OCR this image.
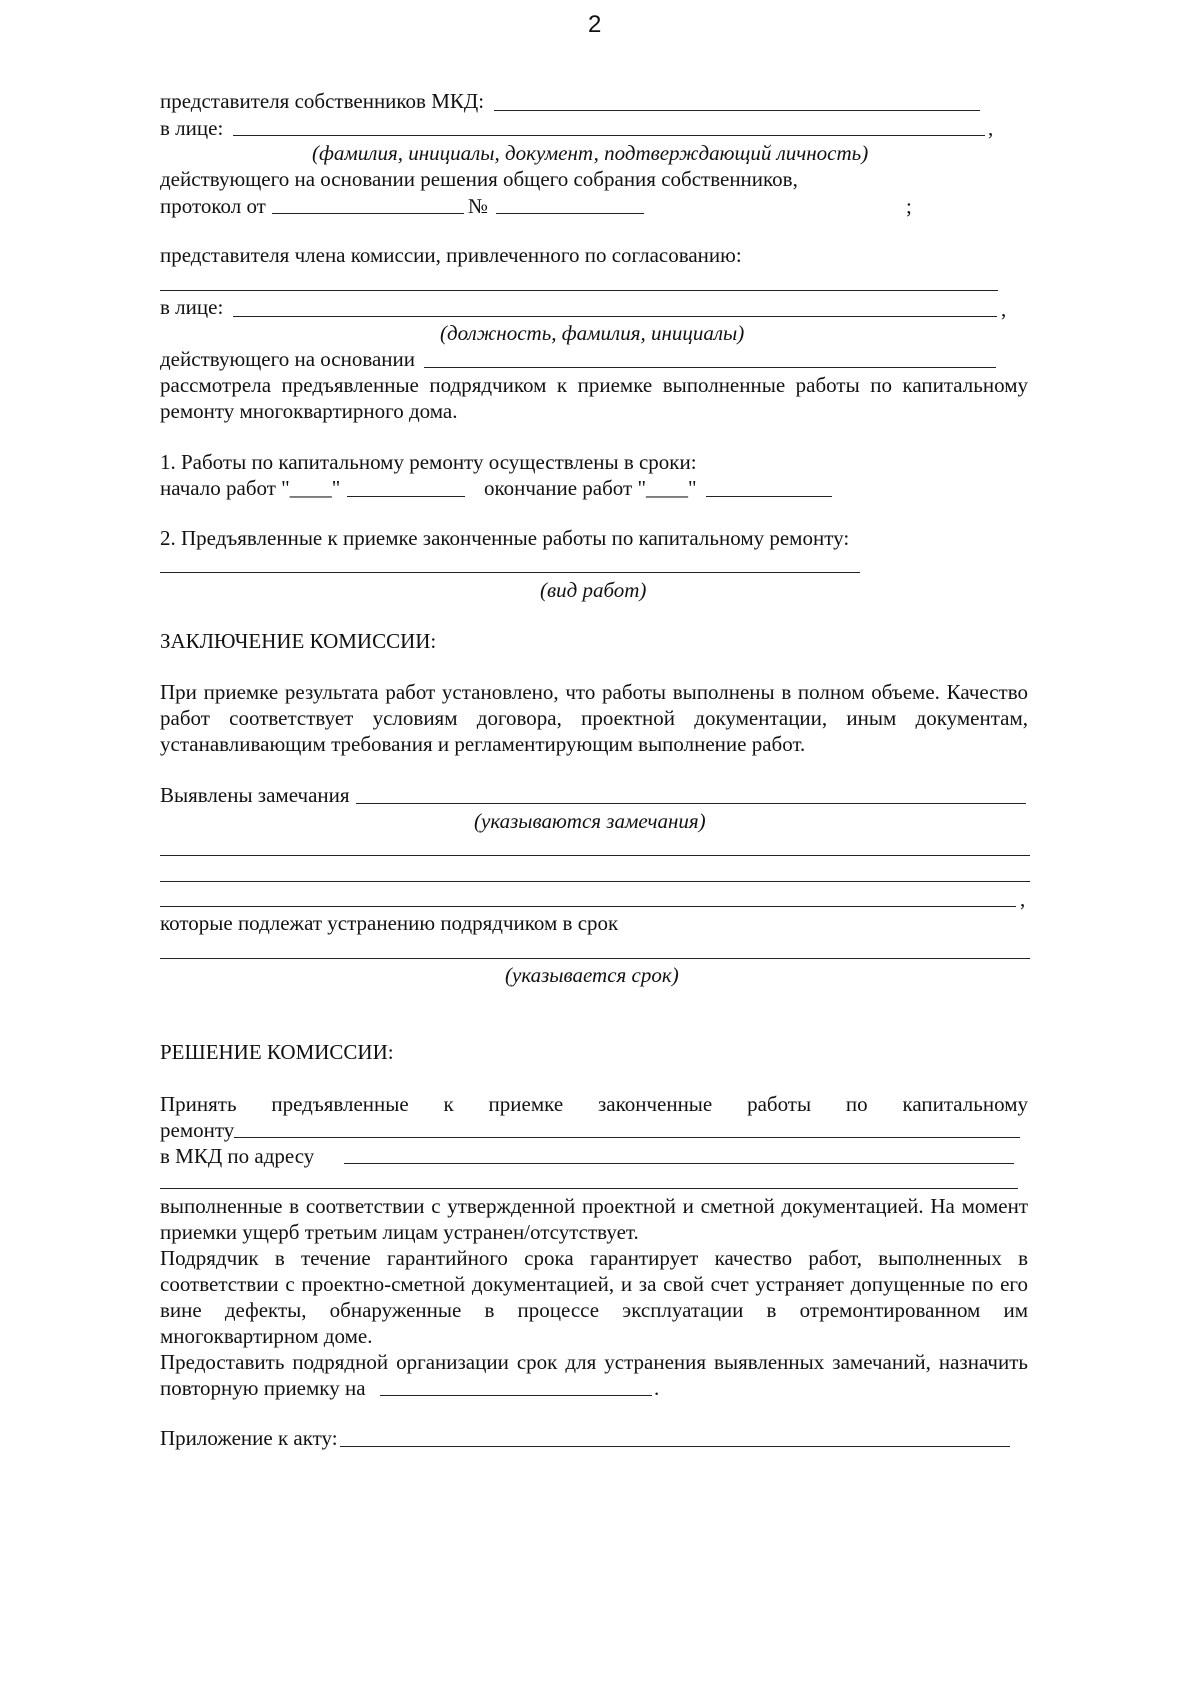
2
представителя собственников МКД:
в лице:	,
(фамилия, инициалы, документ, подтверждающий личность)
действующего на основании решения общего собрания собственников,
протокол от	№	;
представителя члена комиссии, привлеченного по согласованию:
в лице:	,
(должность, фамилия, инициалы)
действующего на основании
рассмотрела предъявленные подрядчиком к приемке выполненные работы по капитальному
ремонту многоквартирного дома.
1. Работы по капитальному ремонту осуществлены в сроки:
начало работ "____"	окончание работ "____"
2. Предъявленные к приемке законченные работы по капитальному ремонту:
(вид работ)
ЗАКЛЮЧЕНИЕ КОМИССИИ:
При приемке результата работ установлено, что работы выполнены в полном объеме. Качество
работ соответствует условиям договора, проектной документации, иным документам,
устанавливающим требования и регламентирующим выполнение работ.
Выявлены замечания
(указываются замечания)
,
которые подлежат устранению подрядчиком в срок
(указывается срок)
РЕШЕНИЕ КОМИССИИ:
Принять предъявленные к приемке законченные работы по капитальному
ремонту
в МКД по адресу
выполненные в соответствии с утвержденной проектной и сметной документацией. На момент
приемки ущерб третьим лицам устранен/отсутствует.
Подрядчик в течение гарантийного срока гарантирует качество работ, выполненных в
соответствии с проектно-сметной документацией, и за свой счет устраняет допущенные по его
вине дефекты, обнаруженные в процессе эксплуатации в отремонтированном им
многоквартирном доме.
Предоставить подрядной организации срок для устранения выявленных замечаний, назначить
повторную приемку на	.
Приложение к акту:
